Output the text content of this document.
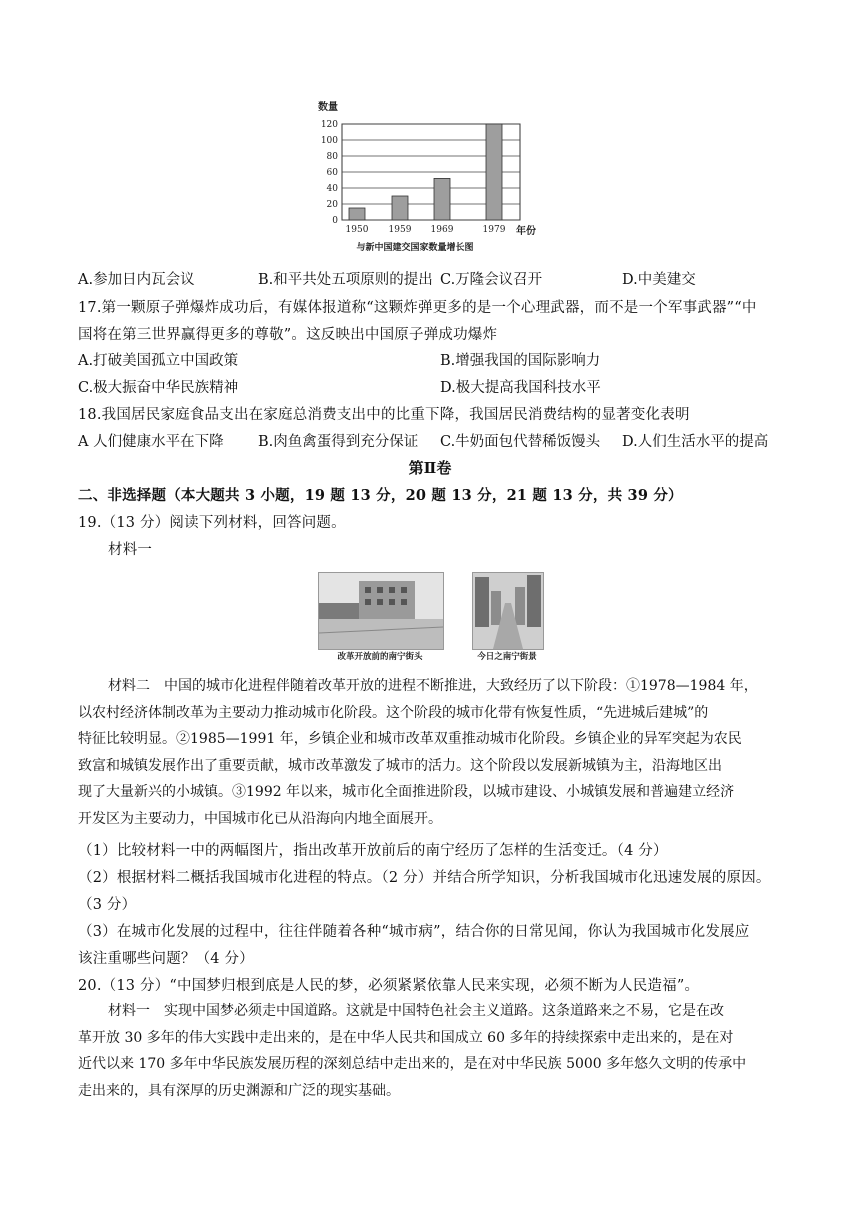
数量
0
20
40
60
80
100
120
1950 1959 1969	1979 年份
与新中国建交国家数量增长图
A.参加日内瓦会议	B.和平共处五项原则的提出 C.万隆会议召开	D.中美建交
17.第一颗原子弹爆炸成功后，有媒体报道称“这颗炸弹更多的是一个心理武器，而不是一个军事武器”“中
国将在第三世界赢得更多的尊敬”。这反映出中国原子弹成功爆炸
A.打破美国孤立中国政策	B.增强我国的国际影响力
C.极大振奋中华民族精神	D.极大提高我国科技水平
18.我国居民家庭食品支出在家庭总消费支出中的比重下降，我国居民消费结构的显著变化表明
A 人们健康水平在下降 B.肉鱼禽蛋得到充分保证 C.牛奶面包代替稀饭馒头 D.人们生活水平的提高
第Ⅱ卷
二、非选择题（本大题共 3 小题，19 题 13 分，20 题 13 分，21 题 13 分，共 39 分）
19.（13 分）阅读下列材料，回答问题。
材料一
改革开放前的南宁街头	今日之南宁街景
材料二　中国的城市化进程伴随着改革开放的进程不断推进，大致经历了以下阶段：①1978—1984 年，
以农村经济体制改革为主要动力推动城市化阶段。这个阶段的城市化带有恢复性质，“先进城后建城”的
特征比较明显。②1985—1991 年，乡镇企业和城市改革双重推动城市化阶段。乡镇企业的异军突起为农民
致富和城镇发展作出了重要贡献，城市改革激发了城市的活力。这个阶段以发展新城镇为主，沿海地区出
现了大量新兴的小城镇。③1992 年以来，城市化全面推进阶段，以城市建设、小城镇发展和普遍建立经济
开发区为主要动力，中国城市化已从沿海向内地全面展开。
（1）比较材料一中的两幅图片，指出改革开放前后的南宁经历了怎样的生活变迁。（4 分）
（2）根据材料二概括我国城市化进程的特点。（2 分）并结合所学知识，分析我国城市化迅速发展的原因。
（3 分）
（3）在城市化发展的过程中，往往伴随着各种“城市病”，结合你的日常见闻，你认为我国城市化发展应
该注重哪些问题？（4 分）
20.（13 分）“中国梦归根到底是人民的梦，必须紧紧依靠人民来实现，必须不断为人民造福”。
材料一　实现中国梦必须走中国道路。这就是中国特色社会主义道路。这条道路来之不易，它是在改
革开放 30 多年的伟大实践中走出来的，是在中华人民共和国成立 60 多年的持续探索中走出来的，是在对
近代以来 170 多年中华民族发展历程的深刻总结中走出来的，是在对中华民族 5000 多年悠久文明的传承中
走出来的，具有深厚的历史渊源和广泛的现实基础。
